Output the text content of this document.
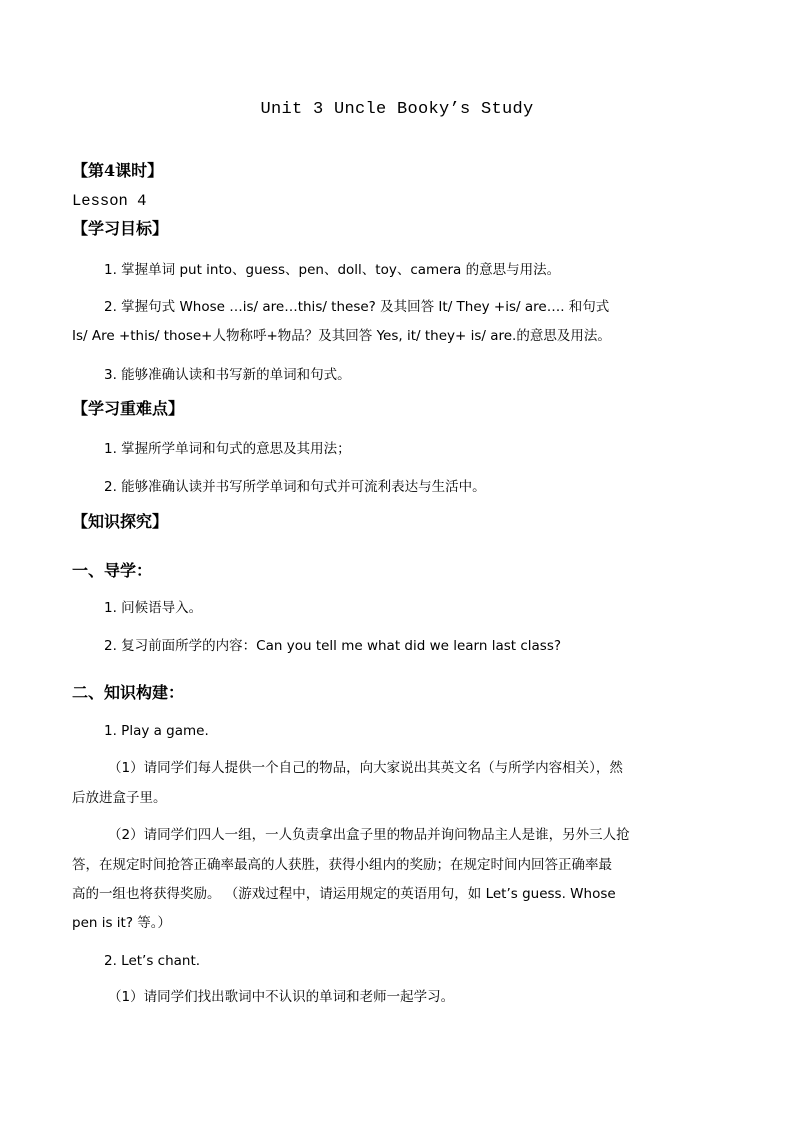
Unit 3 Uncle Booky’s Study
【第4课时】
Lesson 4
【学习目标】
1. 掌握单词 put into、guess、pen、doll、toy、camera 的意思与用法。
2. 掌握句式 Whose …is/ are…this/ these? 及其回答 It/ They +is/ are…. 和句式
Is/ Are +this/ those+人物称呼+物品？及其回答 Yes, it/ they+ is/ are.的意思及用法。
3. 能够准确认读和书写新的单词和句式。
【学习重难点】
1. 掌握所学单词和句式的意思及其用法；
2. 能够准确认读并书写所学单词和句式并可流利表达与生活中。
【知识探究】
一、导学：
1. 问候语导入。
2. 复习前面所学的内容：Can you tell me what did we learn last class?
二、知识构建：
1. Play a game.
（1）请同学们每人提供一个自己的物品，向大家说出其英文名（与所学内容相关），然
后放进盒子里。
（2）请同学们四人一组，一人负责拿出盒子里的物品并询问物品主人是谁，另外三人抢
答，在规定时间抢答正确率最高的人获胜，获得小组内的奖励；在规定时间内回答正确率最
高的一组也将获得奖励。 （游戏过程中，请运用规定的英语用句，如 Let’s guess. Whose
pen is it? 等。）
2. Let’s chant.
（1）请同学们找出歌词中不认识的单词和老师一起学习。
